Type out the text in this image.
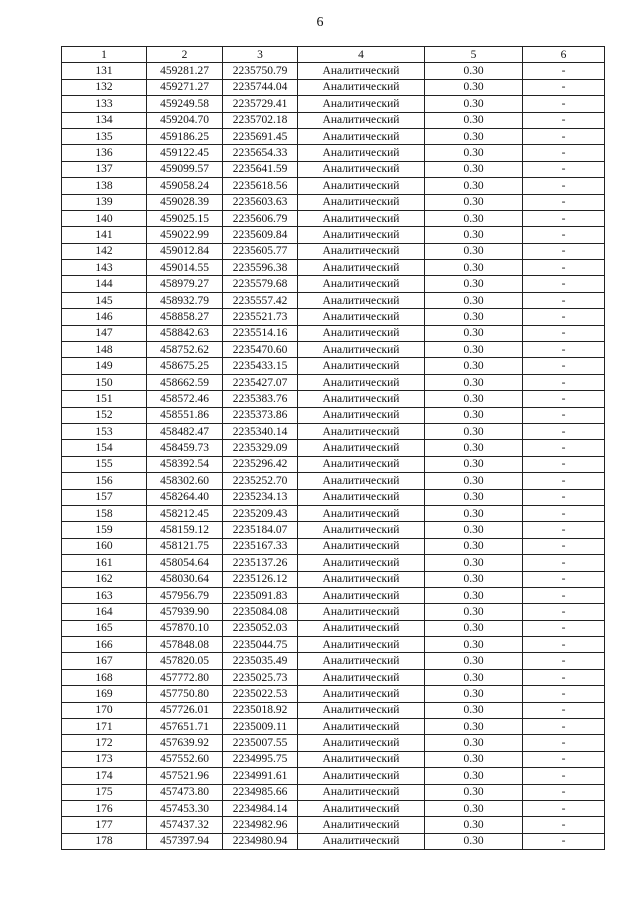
6
1	2	3	4	5	6
131	459281.27	2235750.79	Аналитический	0.30	-
132	459271.27	2235744.04	Аналитический	0.30	-
133	459249.58	2235729.41	Аналитический	0.30	-
134	459204.70	2235702.18	Аналитический	0.30	-
135	459186.25	2235691.45	Аналитический	0.30	-
136	459122.45	2235654.33	Аналитический	0.30	-
137	459099.57	2235641.59	Аналитический	0.30	-
138	459058.24	2235618.56	Аналитический	0.30	-
139	459028.39	2235603.63	Аналитический	0.30	-
140	459025.15	2235606.79	Аналитический	0.30	-
141	459022.99	2235609.84	Аналитический	0.30	-
142	459012.84	2235605.77	Аналитический	0.30	-
143	459014.55	2235596.38	Аналитический	0.30	-
144	458979.27	2235579.68	Аналитический	0.30	-
145	458932.79	2235557.42	Аналитический	0.30	-
146	458858.27	2235521.73	Аналитический	0.30	-
147	458842.63	2235514.16	Аналитический	0.30	-
148	458752.62	2235470.60	Аналитический	0.30	-
149	458675.25	2235433.15	Аналитический	0.30	-
150	458662.59	2235427.07	Аналитический	0.30	-
151	458572.46	2235383.76	Аналитический	0.30	-
152	458551.86	2235373.86	Аналитический	0.30	-
153	458482.47	2235340.14	Аналитический	0.30	-
154	458459.73	2235329.09	Аналитический	0.30	-
155	458392.54	2235296.42	Аналитический	0.30	-
156	458302.60	2235252.70	Аналитический	0.30	-
157	458264.40	2235234.13	Аналитический	0.30	-
158	458212.45	2235209.43	Аналитический	0.30	-
159	458159.12	2235184.07	Аналитический	0.30	-
160	458121.75	2235167.33	Аналитический	0.30	-
161	458054.64	2235137.26	Аналитический	0.30	-
162	458030.64	2235126.12	Аналитический	0.30	-
163	457956.79	2235091.83	Аналитический	0.30	-
164	457939.90	2235084.08	Аналитический	0.30	-
165	457870.10	2235052.03	Аналитический	0.30	-
166	457848.08	2235044.75	Аналитический	0.30	-
167	457820.05	2235035.49	Аналитический	0.30	-
168	457772.80	2235025.73	Аналитический	0.30	-
169	457750.80	2235022.53	Аналитический	0.30	-
170	457726.01	2235018.92	Аналитический	0.30	-
171	457651.71	2235009.11	Аналитический	0.30	-
172	457639.92	2235007.55	Аналитический	0.30	-
173	457552.60	2234995.75	Аналитический	0.30	-
174	457521.96	2234991.61	Аналитический	0.30	-
175	457473.80	2234985.66	Аналитический	0.30	-
176	457453.30	2234984.14	Аналитический	0.30	-
177	457437.32	2234982.96	Аналитический	0.30	-
178	457397.94	2234980.94	Аналитический	0.30	-
